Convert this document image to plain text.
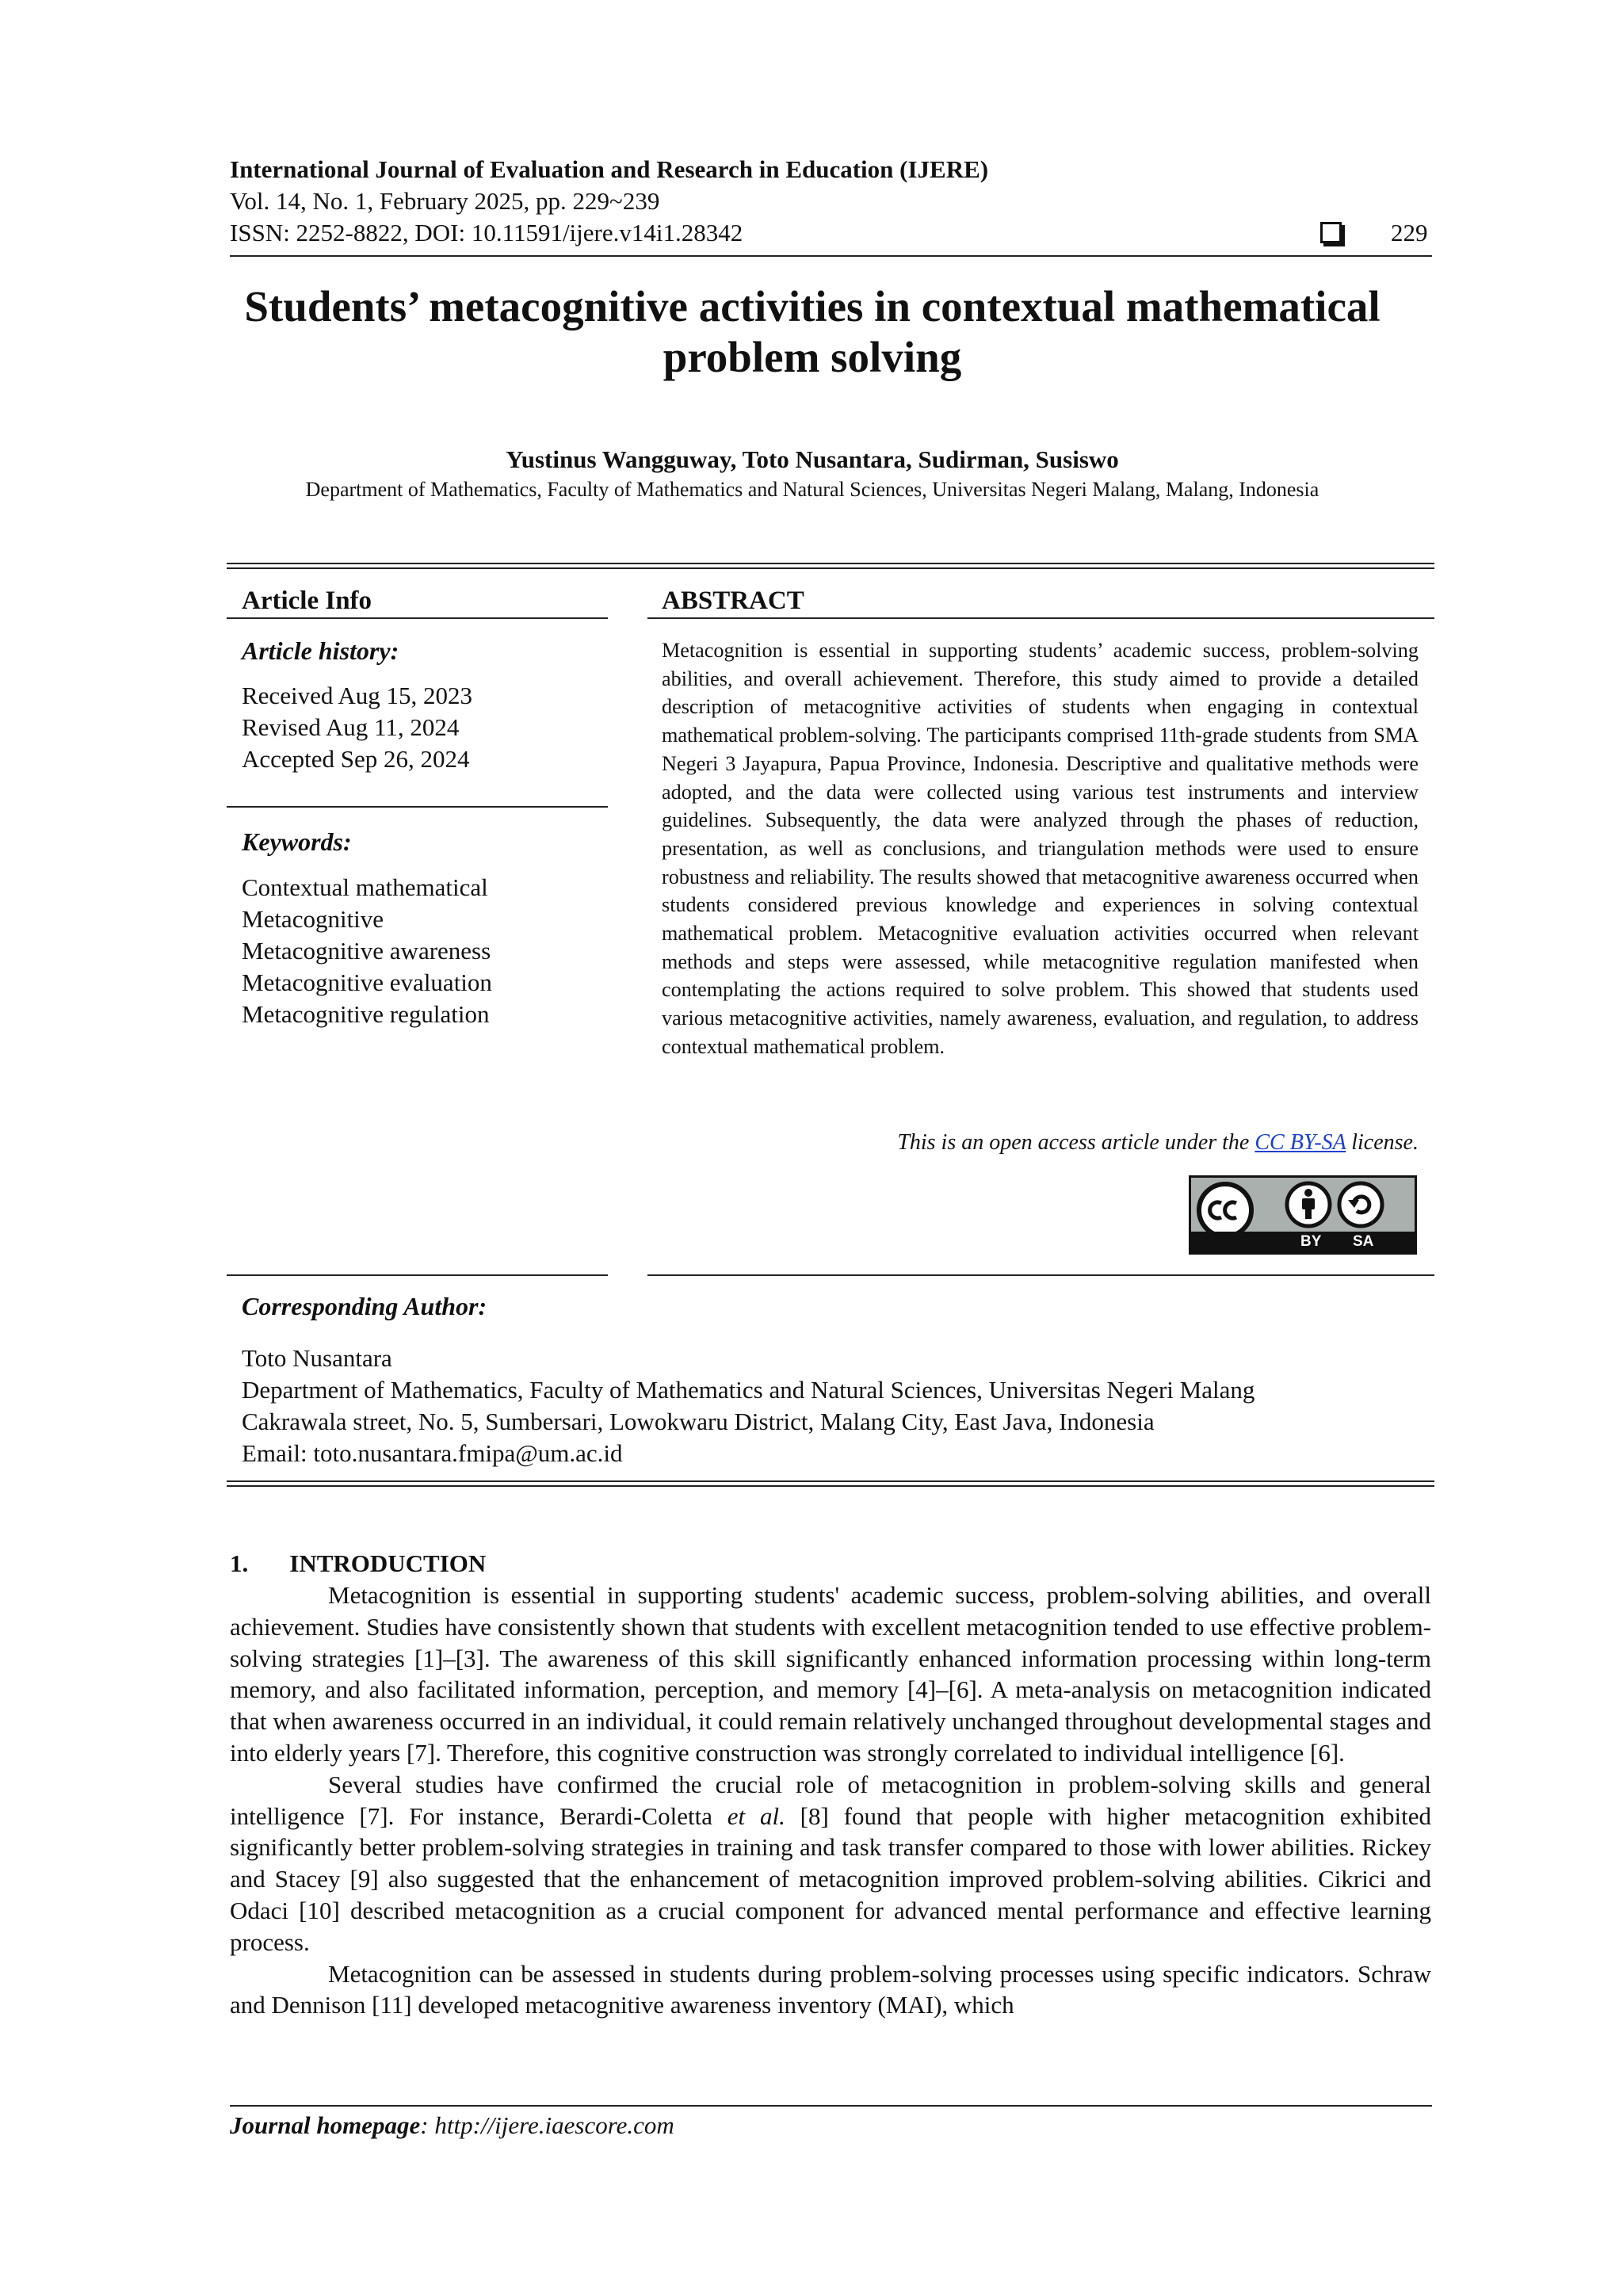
International Journal of Evaluation and Research in Education (IJERE)
Vol. 14, No. 1, February 2025, pp. 229~239
ISSN: 2252-8822, DOI: 10.11591/ijere.v14i1.28342	229
Students’ metacognitive activities in contextual mathematical
problem solving
Yustinus Wangguway, Toto Nusantara, Sudirman, Susiswo
Department of Mathematics, Faculty of Mathematics and Natural Sciences, Universitas Negeri Malang, Malang, Indonesia
Article Info
Article history:
Received Aug 15, 2023
Revised Aug 11, 2024
Accepted Sep 26, 2024
Keywords:
Contextual mathematical
Metacognitive
Metacognitive awareness
Metacognitive evaluation
Metacognitive regulation
ABSTRACT
Metacognition is essential in supporting students’ academic success, problem-solving abilities, and overall achievement. Therefore, this study aimed to provide a detailed description of metacognitive activities of students when engaging in contextual mathematical problem-solving. The participants comprised 11th-grade students from SMA Negeri 3 Jayapura, Papua Province, Indonesia. Descriptive and qualitative methods were adopted, and the data were collected using various test instruments and interview guidelines. Subsequently, the data were analyzed through the phases of reduction, presentation, as well as conclusions, and triangulation methods were used to ensure robustness and reliability. The results showed that metacognitive awareness occurred when students considered previous knowledge and experiences in solving contextual mathematical problem. Metacognitive evaluation activities occurred when relevant methods and steps were assessed, while metacognitive regulation manifested when contemplating the actions required to solve problem. This showed that students used various metacognitive activities, namely awareness, evaluation, and regulation, to address contextual mathematical problem.
This is an open access article under the CC BY-SA license.
BY SA
Corresponding Author:
Toto Nusantara
Department of Mathematics, Faculty of Mathematics and Natural Sciences, Universitas Negeri Malang
Cakrawala street, No. 5, Sumbersari, Lowokwaru District, Malang City, East Java, Indonesia
Email: toto.nusantara.fmipa@um.ac.id
1. INTRODUCTION

Metacognition is essential in supporting students' academic success, problem-solving abilities, and overall achievement. Studies have consistently shown that students with excellent metacognition tended to use effective problem-solving strategies [1]–[3]. The awareness of this skill significantly enhanced information processing within long-term memory, and also facilitated information, perception, and memory [4]–[6]. A meta-analysis on metacognition indicated that when awareness occurred in an individual, it could remain relatively unchanged throughout developmental stages and into elderly years [7]. Therefore, this cognitive construction was strongly correlated to individual intelligence [6].

Several studies have confirmed the crucial role of metacognition in problem-solving skills and general intelligence [7]. For instance, Berardi-Coletta et al. [8] found that people with higher metacognition exhibited significantly better problem-solving strategies in training and task transfer compared to those with lower abilities. Rickey and Stacey [9] also suggested that the enhancement of metacognition improved problem-solving abilities. Cikrici and Odaci [10] described metacognition as a crucial component for advanced mental performance and effective learning process.

Metacognition can be assessed in students during problem-solving processes using specific indicators. Schraw and Dennison [11] developed metacognitive awareness inventory (MAI), which

Journal homepage: http://ijere.iaescore.com
